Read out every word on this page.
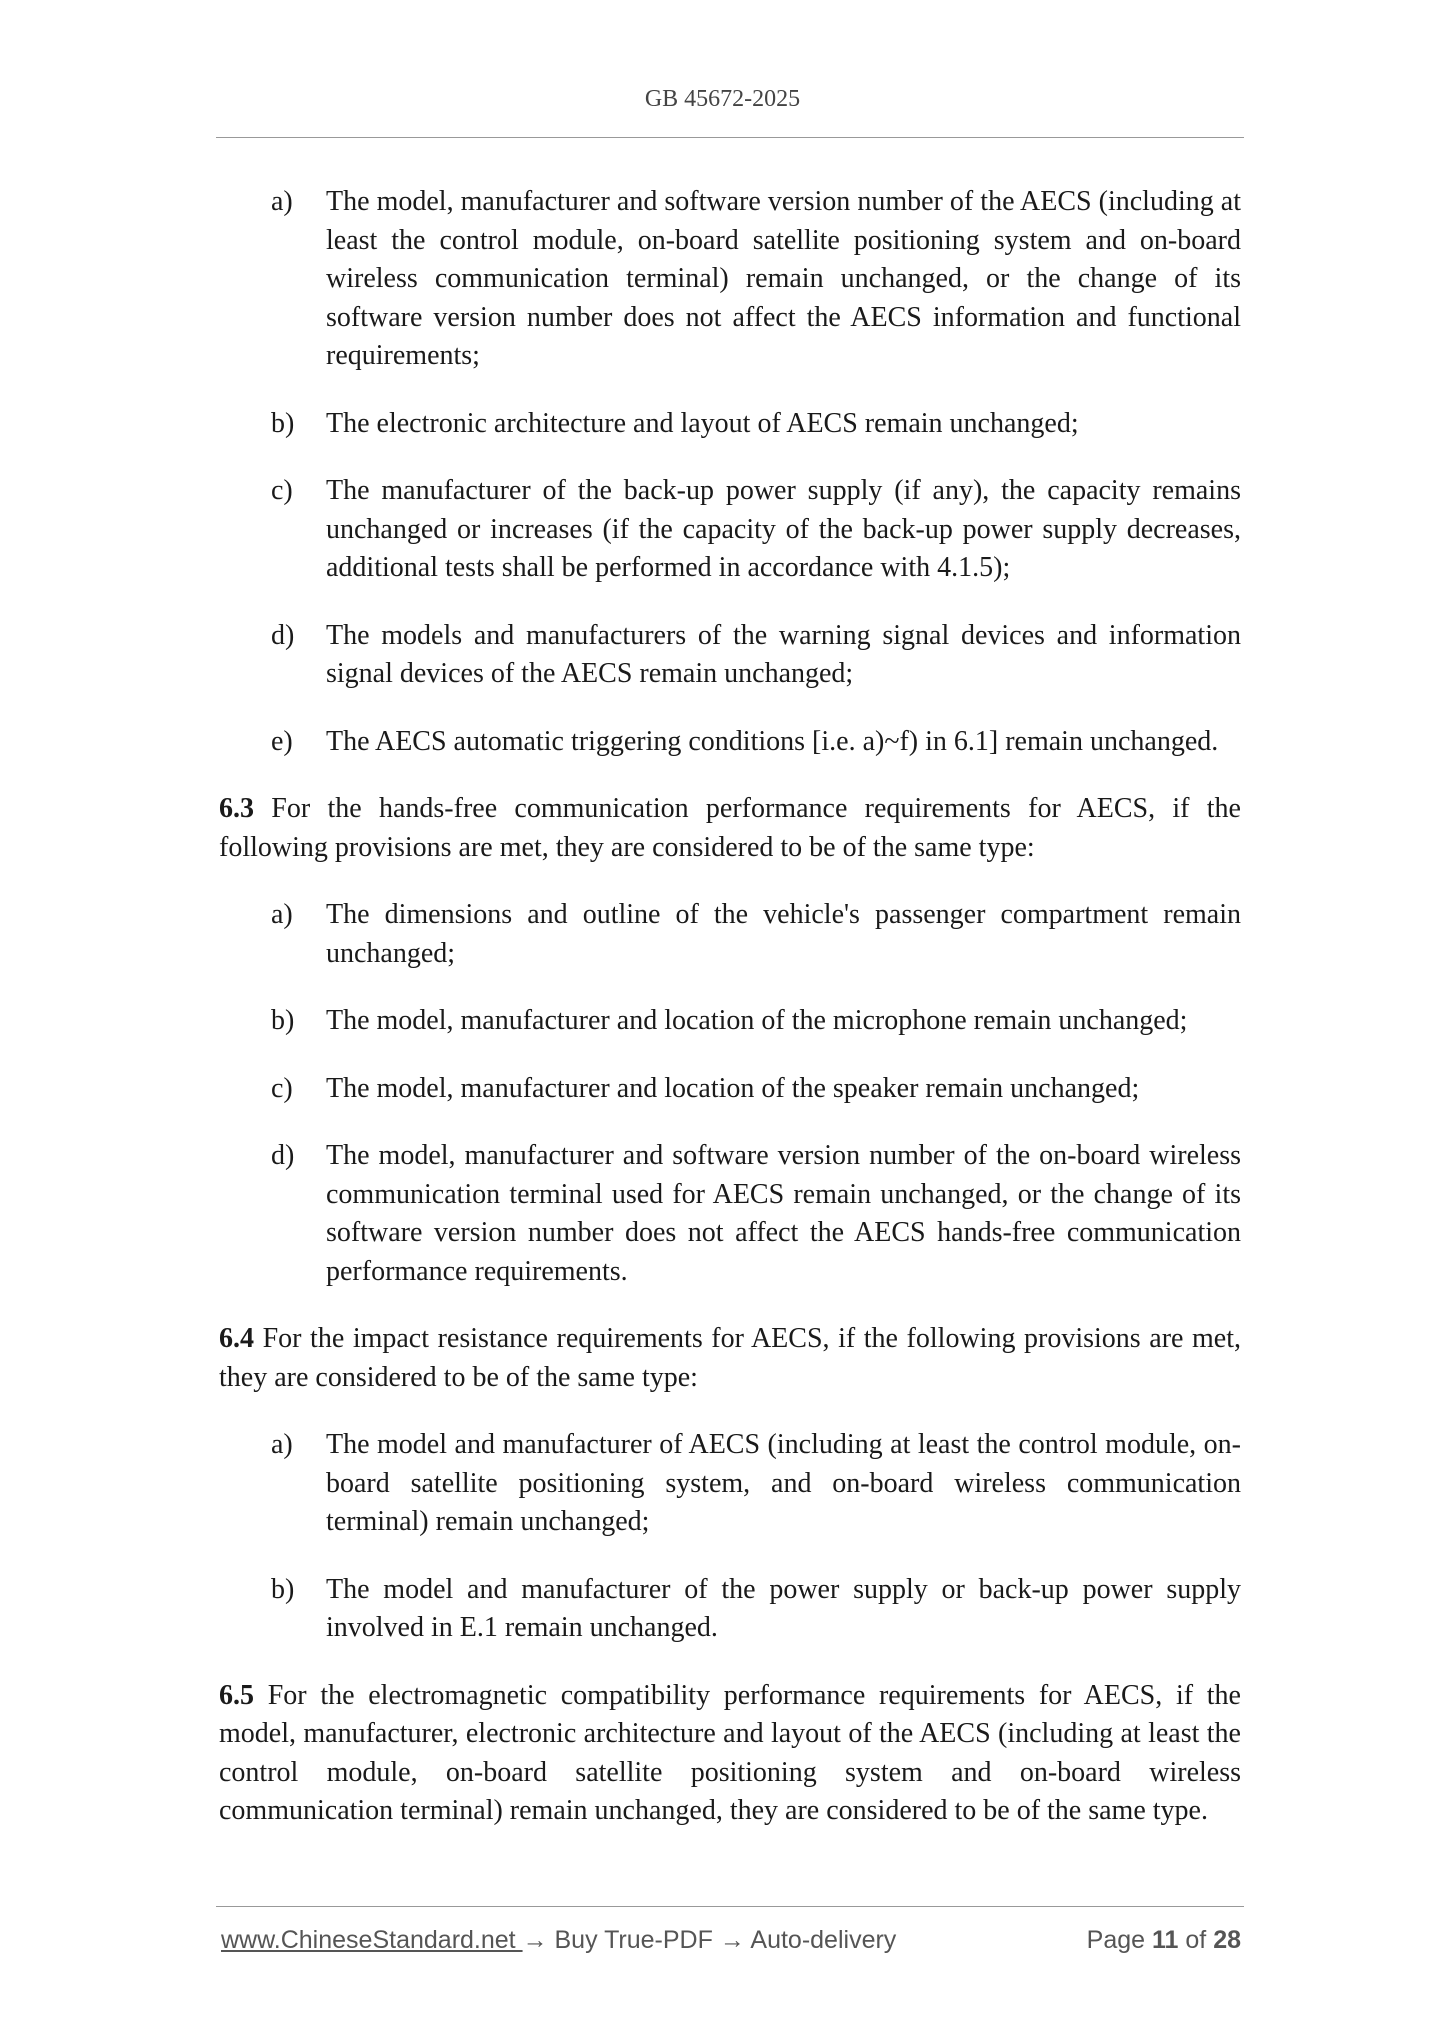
GB 45672-2025
a)	The model, manufacturer and software version number of the AECS (including at least the control module, on-board satellite positioning system and on-board wireless communication terminal) remain unchanged, or the change of its software version number does not affect the AECS information and functional requirements;
b)	The electronic architecture and layout of AECS remain unchanged;
c)	The manufacturer of the back-up power supply (if any), the capacity remains unchanged or increases (if the capacity of the back-up power supply decreases, additional tests shall be performed in accordance with 4.1.5);
d)	The models and manufacturers of the warning signal devices and information signal devices of the AECS remain unchanged;
e)	The AECS automatic triggering conditions [i.e. a)~f) in 6.1] remain unchanged.
6.3 For the hands-free communication performance requirements for AECS, if the following provisions are met, they are considered to be of the same type:
a)	The dimensions and outline of the vehicle's passenger compartment remain unchanged;
b)	The model, manufacturer and location of the microphone remain unchanged;
c)	The model, manufacturer and location of the speaker remain unchanged;
d)	The model, manufacturer and software version number of the on-board wireless communication terminal used for AECS remain unchanged, or the change of its software version number does not affect the AECS hands-free communication performance requirements.
6.4 For the impact resistance requirements for AECS, if the following provisions are met, they are considered to be of the same type:
a)	The model and manufacturer of AECS (including at least the control module, on-board satellite positioning system, and on-board wireless communication terminal) remain unchanged;
b)	The model and manufacturer of the power supply or back-up power supply involved in E.1 remain unchanged.
6.5 For the electromagnetic compatibility performance requirements for AECS, if the model, manufacturer, electronic architecture and layout of the AECS (including at least the control module, on-board satellite positioning system and on-board wireless communication terminal) remain unchanged, they are considered to be of the same type.
www.ChineseStandard.net → Buy True-PDF → Auto-delivery	Page 11 of 28
